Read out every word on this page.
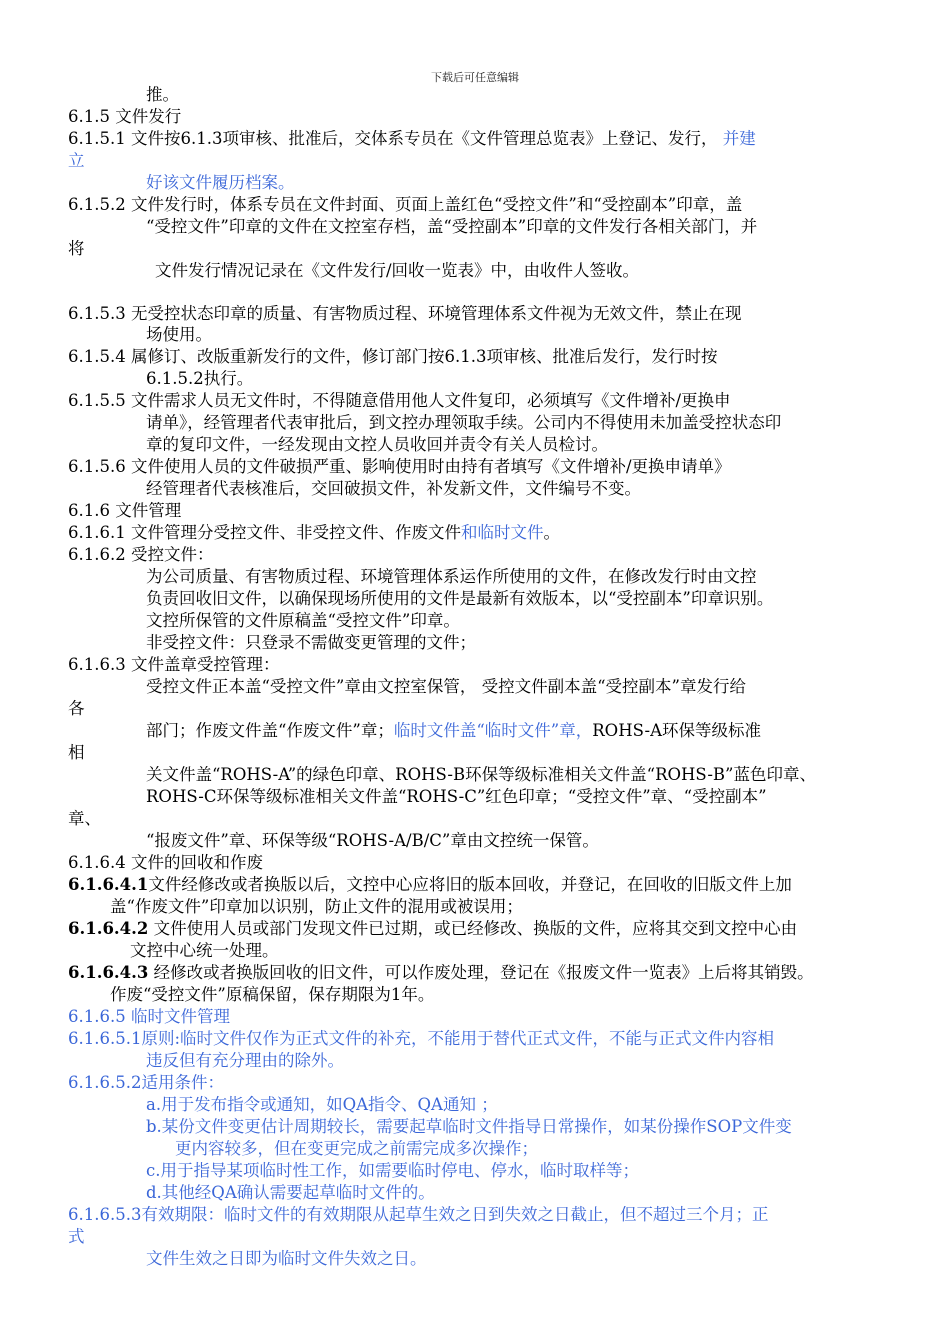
下载后可任意编辑
推。
6.1.5 文件发行
6.1.5.1 文件按6.1.3项审核、批准后，交体系专员在《文件管理总览表》上登记、发行， 并建
立
好该文件履历档案。
6.1.5.2 文件发行时，体系专员在文件封面、页面上盖红色“受控文件”和“受控副本”印章，盖
“受控文件”印章的文件在文控室存档，盖“受控副本”印章的文件发行各相关部门，并
将
文件发行情况记录在《文件发行/回收一览表》中，由收件人签收。
6.1.5.3 无受控状态印章的质量、有害物质过程、环境管理体系文件视为无效文件，禁止在现
场使用。
6.1.5.4 属修订、改版重新发行的文件，修订部门按6.1.3项审核、批准后发行，发行时按
6.1.5.2执行。
6.1.5.5 文件需求人员无文件时，不得随意借用他人文件复印，必须填写《文件增补/更换申
请单》，经管理者代表审批后，到文控办理领取手续。公司内不得使用未加盖受控状态印
章的复印文件，一经发现由文控人员收回并责令有关人员检讨。
6.1.5.6 文件使用人员的文件破损严重、影响使用时由持有者填写《文件增补/更换申请单》
经管理者代表核准后，交回破损文件，补发新文件，文件编号不变。
6.1.6 文件管理
6.1.6.1 文件管理分受控文件、非受控文件、作废文件和临时文件。
6.1.6.2 受控文件：
为公司质量、有害物质过程、环境管理体系运作所使用的文件，在修改发行时由文控
负责回收旧文件，以确保现场所使用的文件是最新有效版本，以“受控副本”印章识别。
文控所保管的文件原稿盖“受控文件”印章。
非受控文件：只登录不需做变更管理的文件；
6.1.6.3 文件盖章受控管理：
受控文件正本盖“受控文件”章由文控室保管， 受控文件副本盖“受控副本”章发行给
各
部门；作废文件盖“作废文件”章；临时文件盖“临时文件”章，ROHS-A环保等级标准
相
关文件盖“ROHS-A”的绿色印章、ROHS-B环保等级标准相关文件盖“ROHS-B”蓝色印章、
ROHS-C环保等级标准相关文件盖“ROHS-C”红色印章；“受控文件”章、“受控副本”
章、
“报废文件”章、环保等级“ROHS-A/B/C”章由文控统一保管。
6.1.6.4 文件的回收和作废
6.1.6.4.1文件经修改或者换版以后，文控中心应将旧的版本回收，并登记，在回收的旧版文件上加
盖“作废文件”印章加以识别，防止文件的混用或被误用；
6.1.6.4.2 文件使用人员或部门发现文件已过期，或已经修改、换版的文件，应将其交到文控中心由
文控中心统一处理。
6.1.6.4.3 经修改或者换版回收的旧文件，可以作废处理，登记在《报废文件一览表》上后将其销毁。
作废“受控文件”原稿保留，保存期限为1年。
6.1.6.5 临时文件管理
6.1.6.5.1原则:临时文件仅作为正式文件的补充，不能用于替代正式文件，不能与正式文件内容相
违反但有充分理由的除外。
6.1.6.5.2适用条件：
a.用于发布指令或通知，如QA指令、QA通知 ；
b.某份文件变更估计周期较长，需要起草临时文件指导日常操作，如某份操作SOP文件变
更内容较多，但在变更完成之前需完成多次操作；
c.用于指导某项临时性工作，如需要临时停电、停水，临时取样等；
d.其他经QA确认需要起草临时文件的。
6.1.6.5.3有效期限：临时文件的有效期限从起草生效之日到失效之日截止，但不超过三个月；正
式
文件生效之日即为临时文件失效之日。
